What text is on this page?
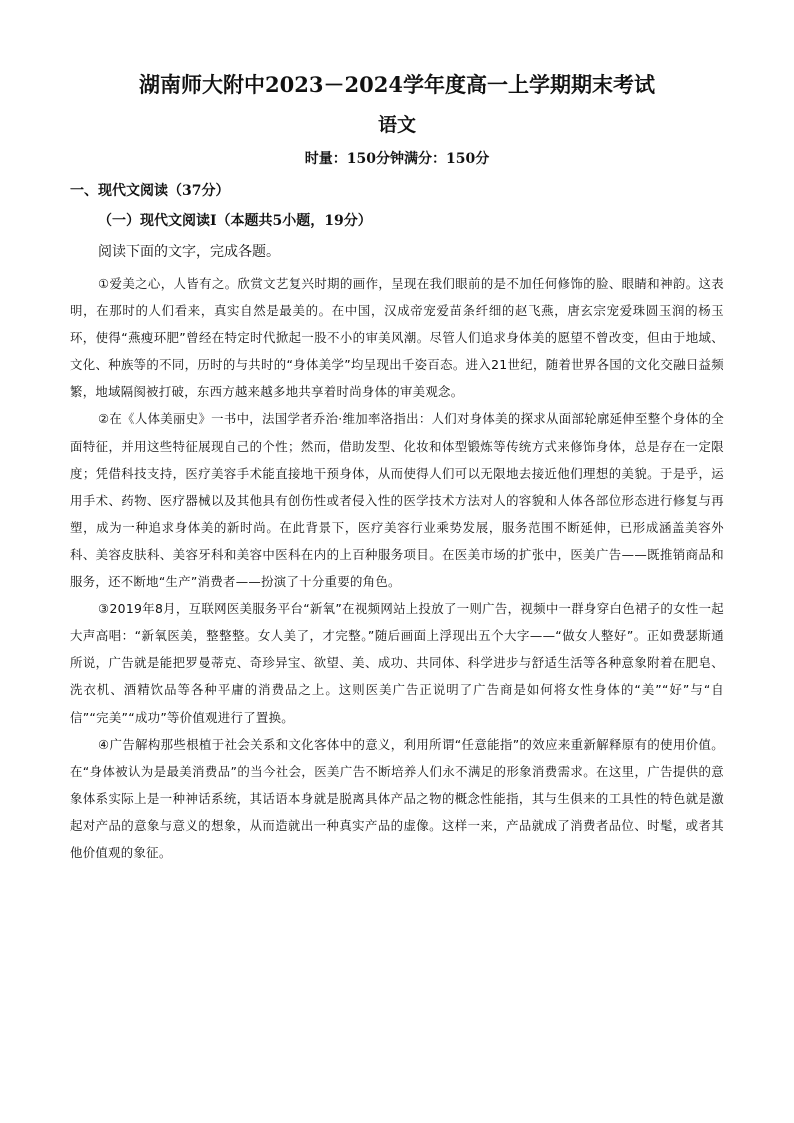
湖南师大附中2023－2024学年度高一上学期期末考试
语文
时量：150分钟满分：150分
一、现代文阅读（37分）
（一）现代文阅读Ⅰ（本题共5小题，19分）
阅读下面的文字，完成各题。

①爱美之心，人皆有之。欣赏文艺复兴时期的画作，呈现在我们眼前的是不加任何修饰的脸、眼睛和神韵。这表明，在那时的人们看来，真实自然是最美的。在中国，汉成帝宠爱苗条纤细的赵飞燕，唐玄宗宠爱珠圆玉润的杨玉环，使得“燕瘦环肥”曾经在特定时代掀起一股不小的审美风潮。尽管人们追求身体美的愿望不曾改变，但由于地域、文化、种族等的不同，历时的与共时的“身体美学”均呈现出千姿百态。进入21世纪，随着世界各国的文化交融日益频繁，地域隔阂被打破，东西方越来越多地共享着时尚身体的审美观念。

②在《人体美丽史》一书中，法国学者乔治·维加率洛指出：人们对身体美的探求从面部轮廓延伸至整个身体的全面特征，并用这些特征展现自己的个性；然而，借助发型、化妆和体型锻炼等传统方式来修饰身体，总是存在一定限度；凭借科技支持，医疗美容手术能直接地干预身体，从而使得人们可以无限地去接近他们理想的美貌。于是乎，运用手术、药物、医疗器械以及其他具有创伤性或者侵入性的医学技术方法对人的容貌和人体各部位形态进行修复与再塑，成为一种追求身体美的新时尚。在此背景下，医疗美容行业乘势发展，服务范围不断延伸，已形成涵盖美容外科、美容皮肤科、美容牙科和美容中医科在内的上百种服务项目。在医美市场的扩张中，医美广告——既推销商品和服务，还不断地“生产”消费者——扮演了十分重要的角色。

③2019年8月，互联网医美服务平台“新氧”在视频网站上投放了一则广告，视频中一群身穿白色裙子的女性一起大声高唱：“新氧医美，整整整。女人美了，才完整。”随后画面上浮现出五个大字——“做女人整好”。正如费瑟斯通所说，广告就是能把罗曼蒂克、奇珍异宝、欲望、美、成功、共同体、科学进步与舒适生活等各种意象附着在肥皂、洗衣机、酒精饮品等各种平庸的消费品之上。这则医美广告正说明了广告商是如何将女性身体的“美”“好”与“自信”“完美”“成功”等价值观进行了置换。

④广告解构那些根植于社会关系和文化客体中的意义，利用所谓“任意能指”的效应来重新解释原有的使用价值。在“身体被认为是最美消费品”的当今社会，医美广告不断培养人们永不满足的形象消费需求。在这里，广告提供的意象体系实际上是一种神话系统，其话语本身就是脱离具体产品之物的概念性能指，其与生俱来的工具性的特色就是激起对产品的意象与意义的想象，从而造就出一种真实产品的虚像。这样一来，产品就成了消费者品位、时髦，或者其他价值观的象征。
